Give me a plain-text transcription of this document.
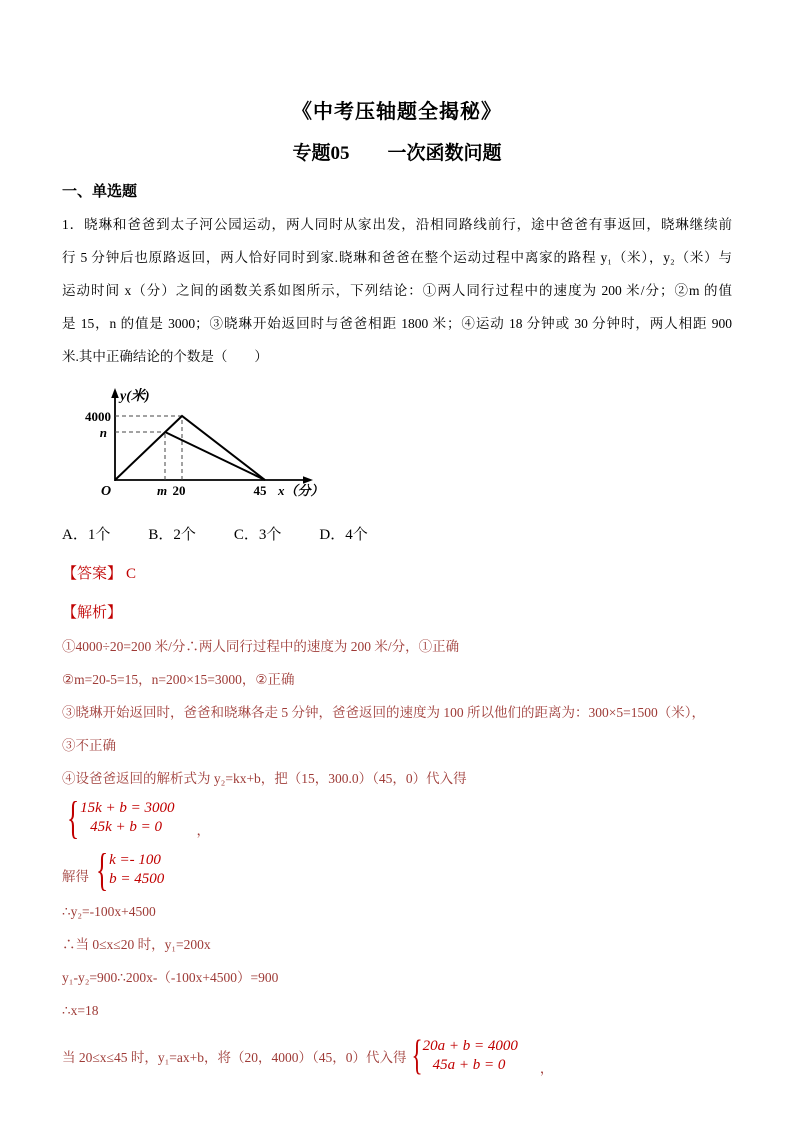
《中考压轴题全揭秘》
专题05 一次函数问题
一、单选题
1．晓琳和爸爸到太子河公园运动，两人同时从家出发，沿相同路线前行，途中爸爸有事返回，晓琳继续前
行 5 分钟后也原路返回，两人恰好同时到家.晓琳和爸爸在整个运动过程中离家的路程 y₁（米），y₂（米）与
运动时间 x（分）之间的函数关系如图所示，下列结论：①两人同行过程中的速度为 200 米/分；②m 的值
是 15，n 的值是 3000；③晓琳开始返回时与爸爸相距 1800 米；④运动 18 分钟或 30 分钟时，两人相距 900
米.其中正确结论的个数是（　　）
y(米)
4000
n
O	m 20	45 x（分）
A．1个	B．2个	C．3个	D．4个
【答案】 C
【解析】
①4000÷20=200 米/分∴两人同行过程中的速度为 200 米/分，①正确
②m=20-5=15，n=200×15=3000，②正确
③晓琳开始返回时，爸爸和晓琳各走 5 分钟，爸爸返回的速度为 100 所以他们的距离为：300×5=1500（米），
③不正确
④设爸爸返回的解析式为 y₂=kx+b，把（15，300.0）（45，0）代入得
{ 15k + b = 3000
45k + b = 0	，
解得 { k =- 100
b = 4500
∴y₂=-100x+4500
∴当 0≤x≤20 时，y₁=200x
y₁-y₂=900∴200x-（-100x+4500）=900
∴x=18
当 20≤x≤45 时，y₁=ax+b，将（20，4000）（45，0）代入得 { 20a + b = 4000
45a + b = 0	，
